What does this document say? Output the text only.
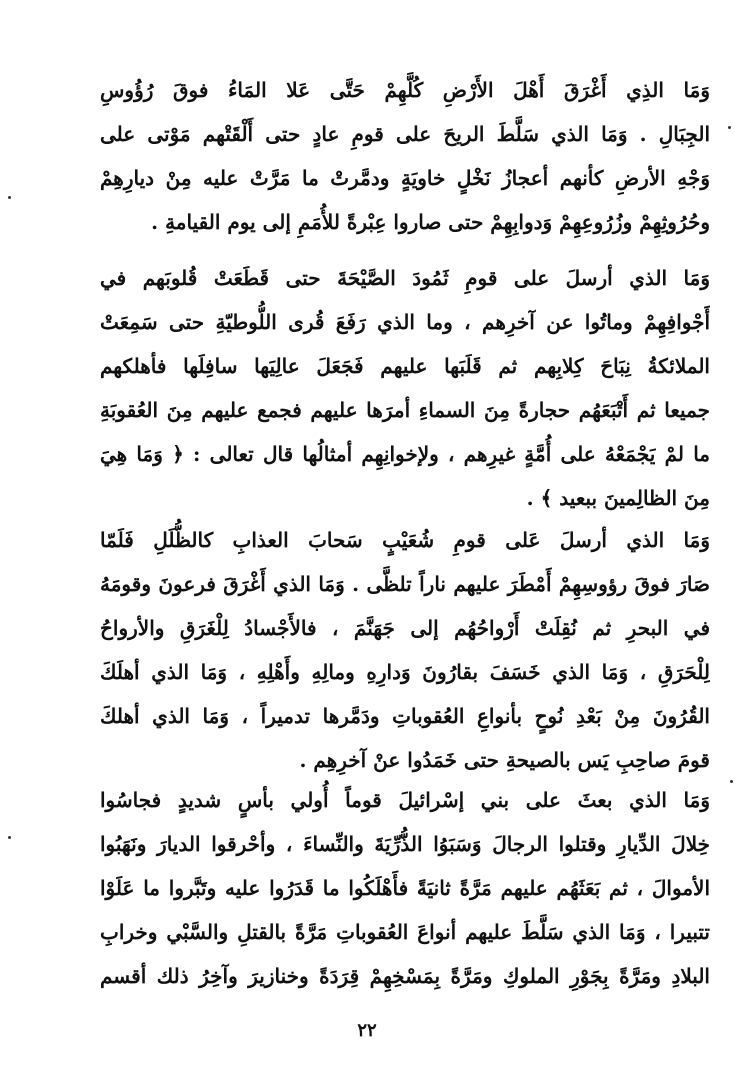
وَمَا الذِي أَغْرَقَ أَهْلَ الأَرْضِ كُلَّهِمْ حَتَّى عَلا المَاءُ فوقَ رُؤُوسِ
الجِبَالِ . وَمَا الذي سَلَّطَ الريحَ على قومِ عادٍ حتى أَلْقَتْهم مَوْتى على
وَجْهِ الأرضِ كأنهم أعجازُ نَخْلٍ خاويَةٍ ودمَّرتْ ما مَرَّتْ عليه مِنْ ديارِهِمْ
وحُرُوثِهِمْ وزُرُوعِهِمْ وَدوابِهِمْ حتى صاروا عِبْرةً للأُمَمِ إلى يوم القيامةِ .
وَمَا الذي أرسلَ على قومِ ثَمُودَ الصَّيْحَةَ حتى قَطَعَتْ قُلوبَهم في
أَجْوافِهِمْ وماتُوا عن آخرِهم ، وما الذي رَفَعَ قُرى اللُّوطيّةِ حتى سَمِعَتْ
الملائكةُ نِبَاحَ كِلابِهم ثم قَلَبَها عليهم فَجَعَلَ عالِيَها سافِلَها فأهلكهم
جميعا ثم أَتْبَعَهُم حجارةً مِنَ السماءِ أمرَها عليهم فجمع عليهم مِنَ العُقوبَةِ
ما لمْ يَجْمَعْهُ على أُمَّةٍ غيرِهم ، ولإخوانِهِم أمثالُها قال تعالى : ﴿ وَمَا هِيَ
مِنَ الظالِمينَ ببعيد ﴾ .
وَمَا الذي أرسلَ عَلى قومِ شُعَيْبٍ سَحابَ العذابِ كالظُّلَلِ فَلَمّا
صَارَ فوقَ رؤوسِهِمْ أَمْطَرَ عليهم ناراً تلظَّى . وَمَا الذي أَغْرَقَ فرعونَ وقومَهُ
في البحرِ ثم نُقِلَتْ أَرْواحُهُم إلى جَهَنَّمَ ، فالأَجْسادُ لِلْغَرَقِ والأرواحُ
لِلْحَرَقِ ، وَمَا الذي خَسَفَ بقارُونَ وَدارِهِ ومالِهِ وأَهْلِهِ ، وَمَا الذي أهلَكَ
القُرُونَ مِنْ بَعْدِ نُوحٍ بأنواعِ العُقوباتِ ودَمَّرها تدميراً ، وَمَا الذي أهلكَ
قومَ صاحِبِ يَس بالصيحةِ حتى خَمَدُوا عنْ آخرِهِم .
وَمَا الذي بعثَ على بني إسْرائيلَ قوماً أُولي بأسٍ شديدٍ فجاسُوا
خِلالَ الدِّيارِ وقتلوا الرجالَ وَسَبَوُا الذُّرِّيَةَ والنِّساءَ ، وأحْرقوا الديارَ ونَهَبُوا
الأموالَ ، ثم بَعَثَهُم عليهم مَرَّةً ثانيَةً فأَهْلَكُوا ما قَدَرُوا عليه وتَبَّروا ما عَلَوْا
تتبيرا ، وَمَا الذي سَلَّطَ عليهم أنواعَ العُقوباتِ مَرَّةً بالقتلِ والسَّبْي وخرابِ
البلادِ ومَرَّةً بِجَوْرِ الملوكِ ومَرَّةً بِمَسْخِهِمْ قِرَدَةً وخنازيرَ وآخِرُ ذلك أقسم
٢٢
